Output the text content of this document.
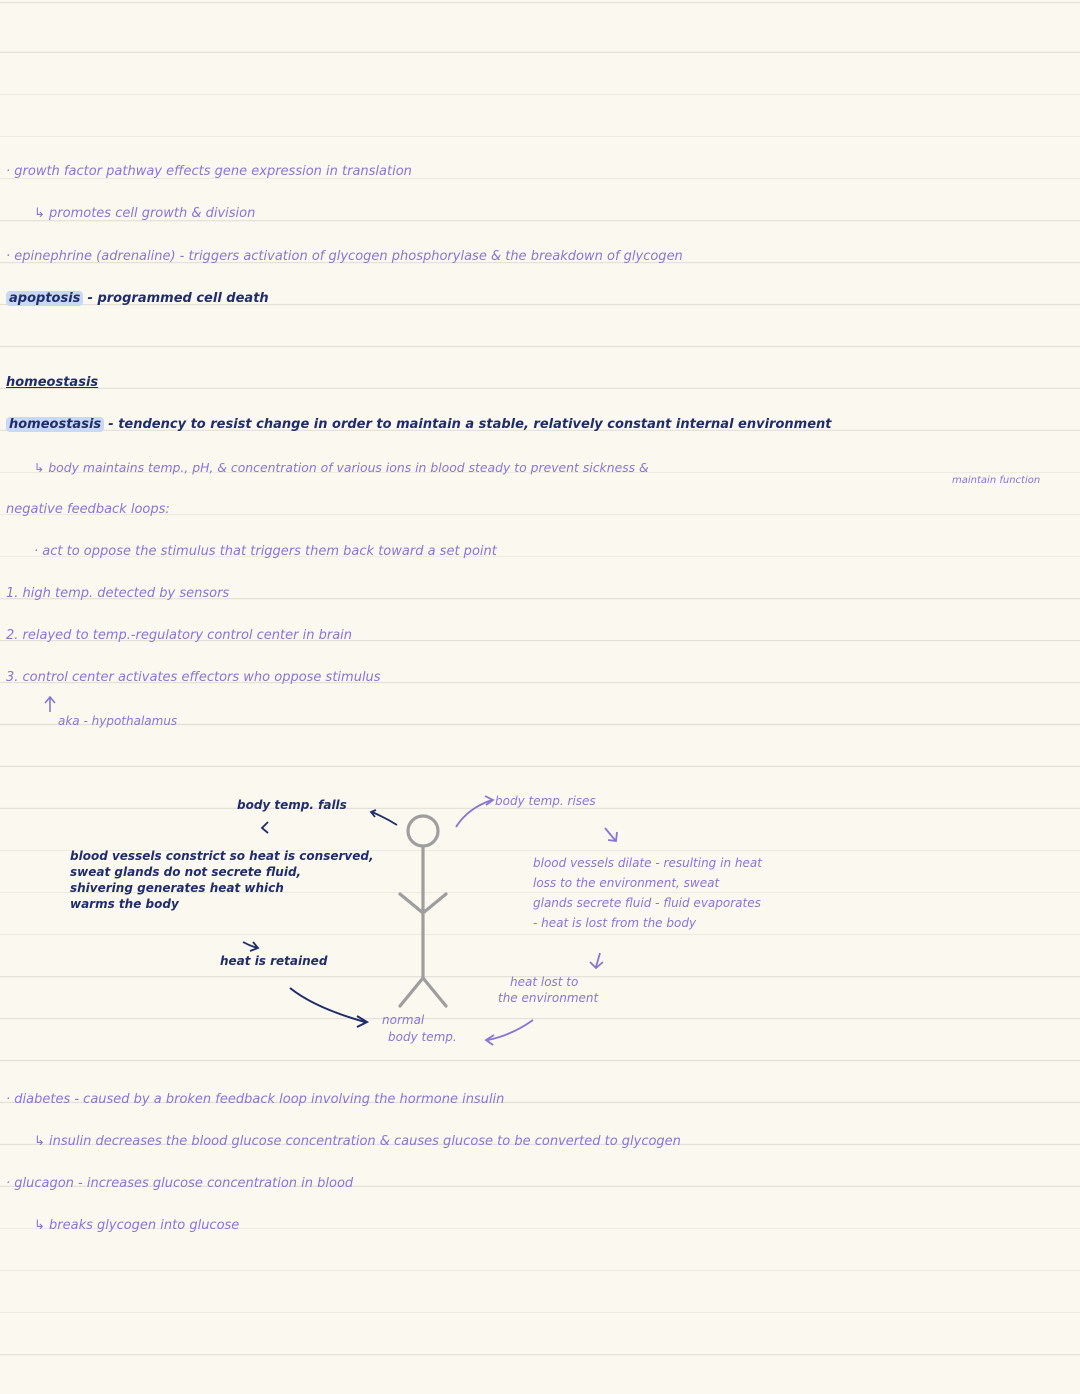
· growth factor pathway effects gene expression in translation
↳ promotes cell growth & division
· epinephrine (adrenaline) - triggers activation of glycogen phosphorylase & the breakdown of glycogen
apoptosis - programmed cell death
homeostasis
homeostasis - tendency to resist change in order to maintain a stable, relatively constant internal environment
↳ body maintains temp., pH, & concentration of various ions in blood steady to prevent sickness &
maintain function
negative feedback loops:
· act to oppose the stimulus that triggers them back toward a set point
1. high temp. detected by sensors
2. relayed to temp.-regulatory control center in brain
3. control center activates effectors who oppose stimulus
aka - hypothalamus
body temp. falls
blood vessels constrict so heat is conserved,
sweat glands do not secrete fluid,
shivering generates heat which
warms the body
heat is retained
body temp. rises
blood vessels dilate - resulting in heat
loss to the environment, sweat
glands secrete fluid - fluid evaporates
- heat is lost from the body
heat lost to
the environment
normal
body temp.
· diabetes - caused by a broken feedback loop involving the hormone insulin
↳ insulin decreases the blood glucose concentration & causes glucose to be converted to glycogen
· glucagon - increases glucose concentration in blood
↳ breaks glycogen into glucose
